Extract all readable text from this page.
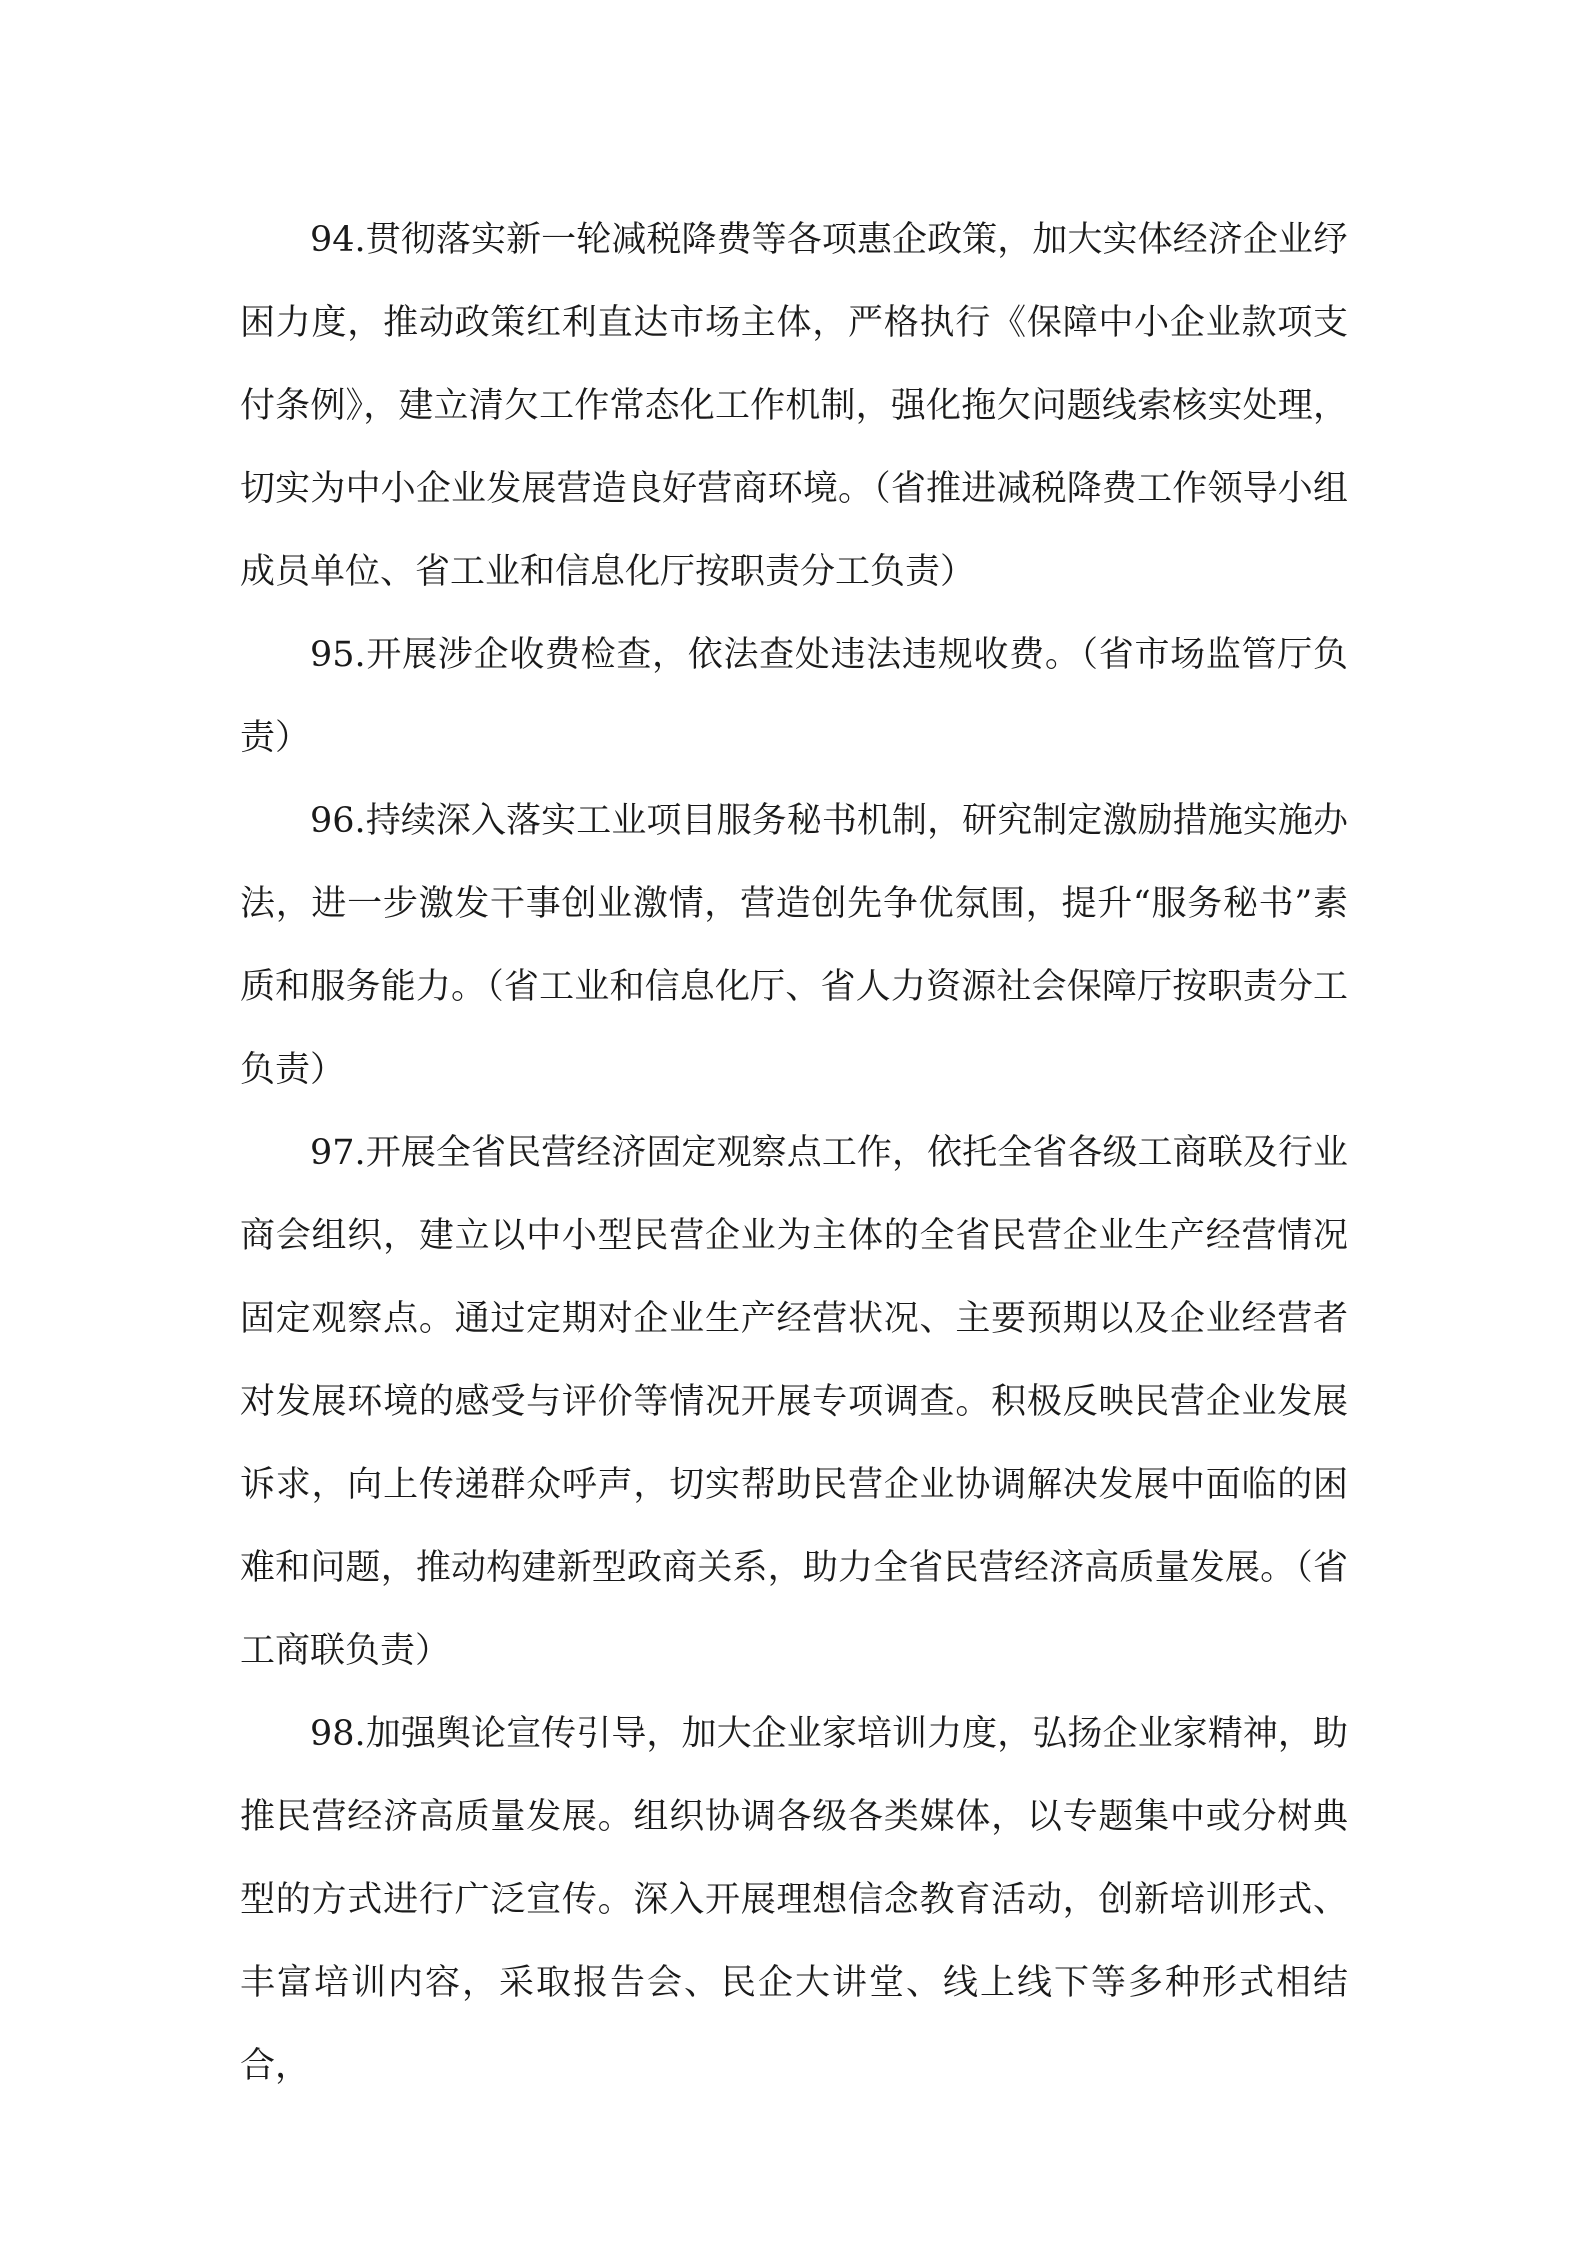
94.贯彻落实新一轮减税降费等各项惠企政策，加大实体经济企业纾困力度，推动政策红利直达市场主体，严格执行《保障中小企业款项支付条例》，建立清欠工作常态化工作机制，强化拖欠问题线索核实处理，切实为中小企业发展营造良好营商环境。（省推进减税降费工作领导小组成员单位、省工业和信息化厅按职责分工负责）

95.开展涉企收费检查，依法查处违法违规收费。（省市场监管厅负责）

96.持续深入落实工业项目服务秘书机制，研究制定激励措施实施办法，进一步激发干事创业激情，营造创先争优氛围，提升“服务秘书”素质和服务能力。（省工业和信息化厅、省人力资源社会保障厅按职责分工负责）

97.开展全省民营经济固定观察点工作，依托全省各级工商联及行业商会组织，建立以中小型民营企业为主体的全省民营企业生产经营情况固定观察点。通过定期对企业生产经营状况、主要预期以及企业经营者对发展环境的感受与评价等情况开展专项调查。积极反映民营企业发展诉求，向上传递群众呼声，切实帮助民营企业协调解决发展中面临的困难和问题，推动构建新型政商关系，助力全省民营经济高质量发展。（省工商联负责）

98.加强舆论宣传引导，加大企业家培训力度，弘扬企业家精神，助推民营经济高质量发展。组织协调各级各类媒体，以专题集中或分树典型的方式进行广泛宣传。深入开展理想信念教育活动，创新培训形式、丰富培训内容，采取报告会、民企大讲堂、线上线下等多种形式相结合，
